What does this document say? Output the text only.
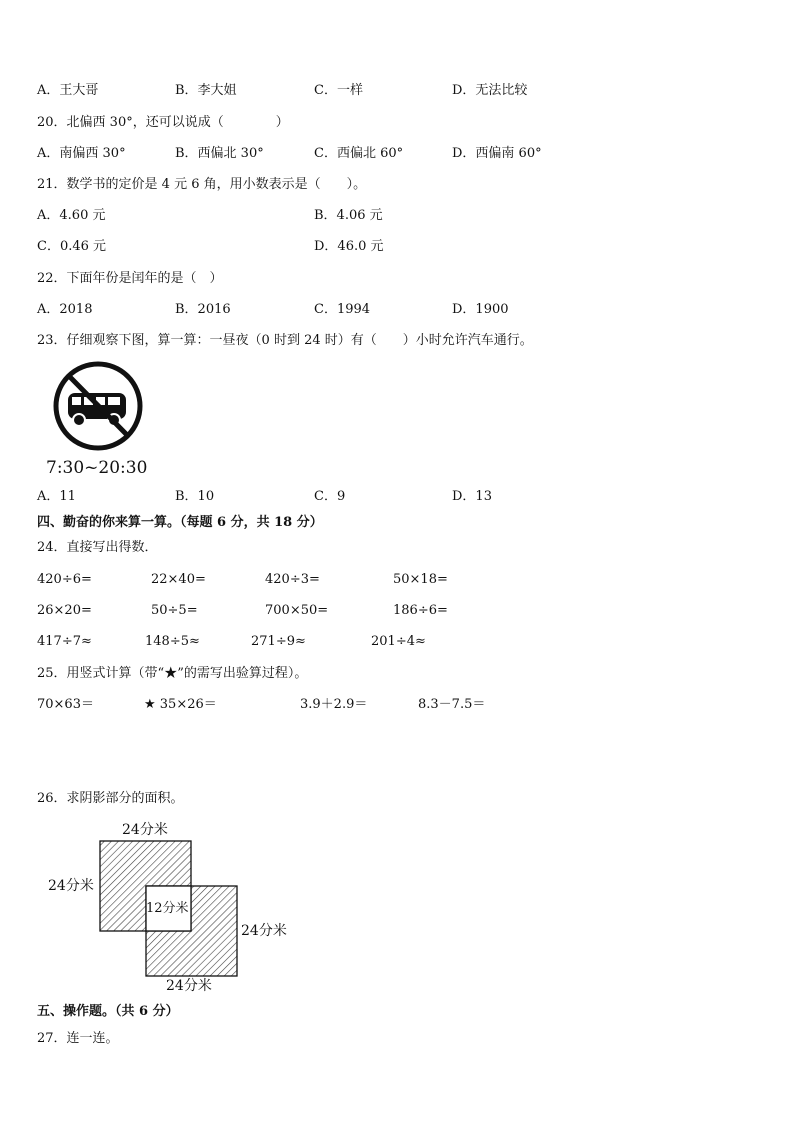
A．王大哥	B．李大姐	C．一样	D．无法比较
20．北偏西 30°，还可以说成（　　　　）
A．南偏西 30°	B．西偏北 30°	C．西偏北 60°	D．西偏南 60°
21．数学书的定价是 4 元 6 角，用小数表示是（　　）。
A．4.60 元	B．4.06 元
C．0.46 元	D．46.0 元
22．下面年份是闰年的是（　）
A．2018	B．2016	C．1994	D．1900
23．仔细观察下图，算一算：一昼夜（0 时到 24 时）有（　　）小时允许汽车通行。
7:30~20:30
A．11	B．10	C．9	D．13
四、勤奋的你来算一算。（每题 6 分，共 18 分）
24．直接写出得数．
420÷6=	22×40=	420÷3=	50×18=
26×20=	50÷5=	700×50=	186÷6=
417÷7≈	148÷5≈	271÷9≈	201÷4≈
25．用竖式计算（带“★”的需写出验算过程）。
70×63＝	★ 35×26＝	3.9＋2.9＝	8.3－7.5＝
26．求阴影部分的面积。
24分米
24分米
12分米
24分米
24分米
五、操作题。（共 6 分）
27．连一连。
